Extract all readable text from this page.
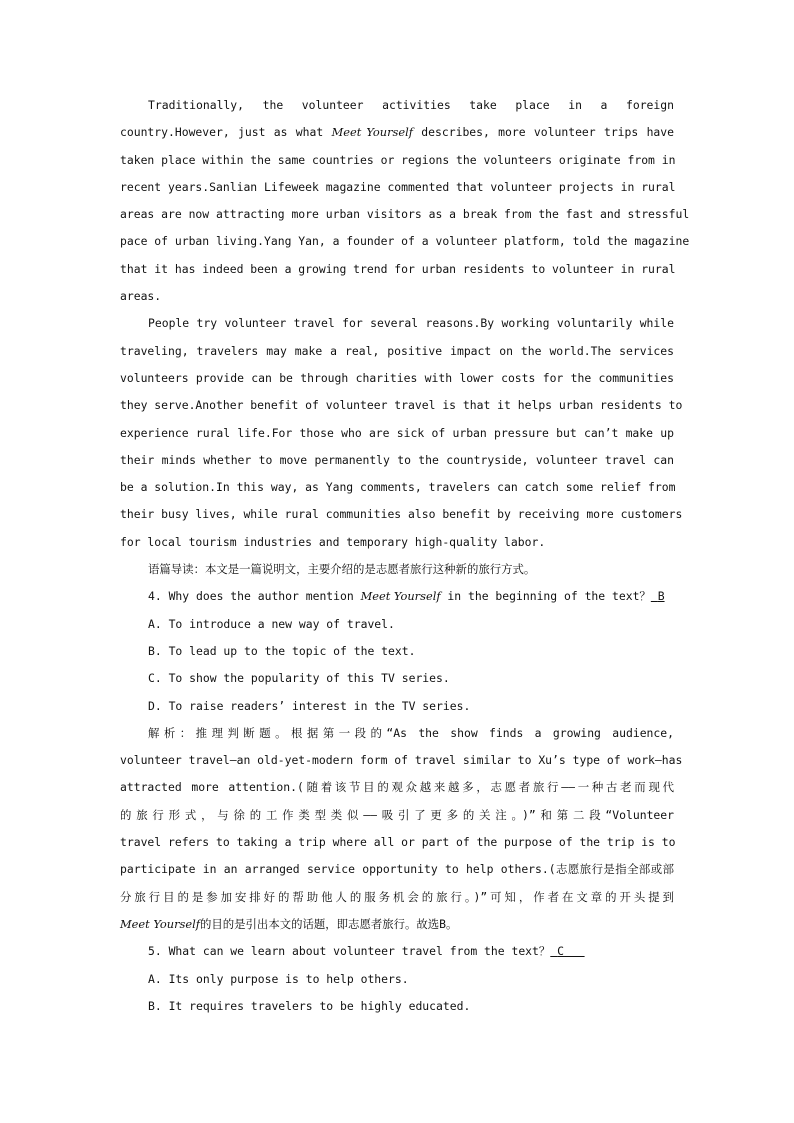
Traditionally, the volunteer activities take place in a foreign
country.However, just as what Meet Yourself describes, more volunteer trips have
taken place within the same countries or regions the volunteers originate from in
recent years.Sanlian Lifeweek magazine commented that volunteer projects in rural
areas are now attracting more urban visitors as a break from the fast and stressful
pace of urban living.Yang Yan, a founder of a volunteer platform, told the magazine
that it has indeed been a growing trend for urban residents to volunteer in rural
areas.
People try volunteer travel for several reasons.By working voluntarily while
traveling, travelers may make a real, positive impact on the world.The services
volunteers provide can be through charities with lower costs for the communities
they serve.Another benefit of volunteer travel is that it helps urban residents to
experience rural life.For those who are sick of urban pressure but can’t make up
their minds whether to move permanently to the countryside, volunteer travel can
be a solution.In this way, as Yang comments, travelers can catch some relief from
their busy lives, while rural communities also benefit by receiving more customers
for local tourism industries and temporary high-quality labor.
语篇导读：本文是一篇说明文，主要介绍的是志愿者旅行这种新的旅行方式。
4. Why does the author mention Meet Yourself in the beginning of the text？ B
A. To introduce a new way of travel.
B. To lead up to the topic of the text.
C. To show the popularity of this TV series.
D. To raise readers’ interest in the TV series.
解析：推理判断题。根据第一段的“As the show finds a growing audience,
volunteer travel—an old-yet-modern form of travel similar to Xu’s type of work—has
attracted more attention.(随着该节目的观众越来越多，志愿者旅行——一种古老而现代
的旅行形式，与徐的工作类型类似——吸引了更多的关注。)”和第二段“Volunteer
travel refers to taking a trip where all or part of the purpose of the trip is to
participate in an arranged service opportunity to help others.(志愿旅行是指全部或部
分旅行目的是参加安排好的帮助他人的服务机会的旅行。)”可知，作者在文章的开头提到
Meet Yourself的目的是引出本文的话题，即志愿者旅行。故选B。
5. What can we learn about volunteer travel from the text？ C
A. Its only purpose is to help others.
B. It requires travelers to be highly educated.
